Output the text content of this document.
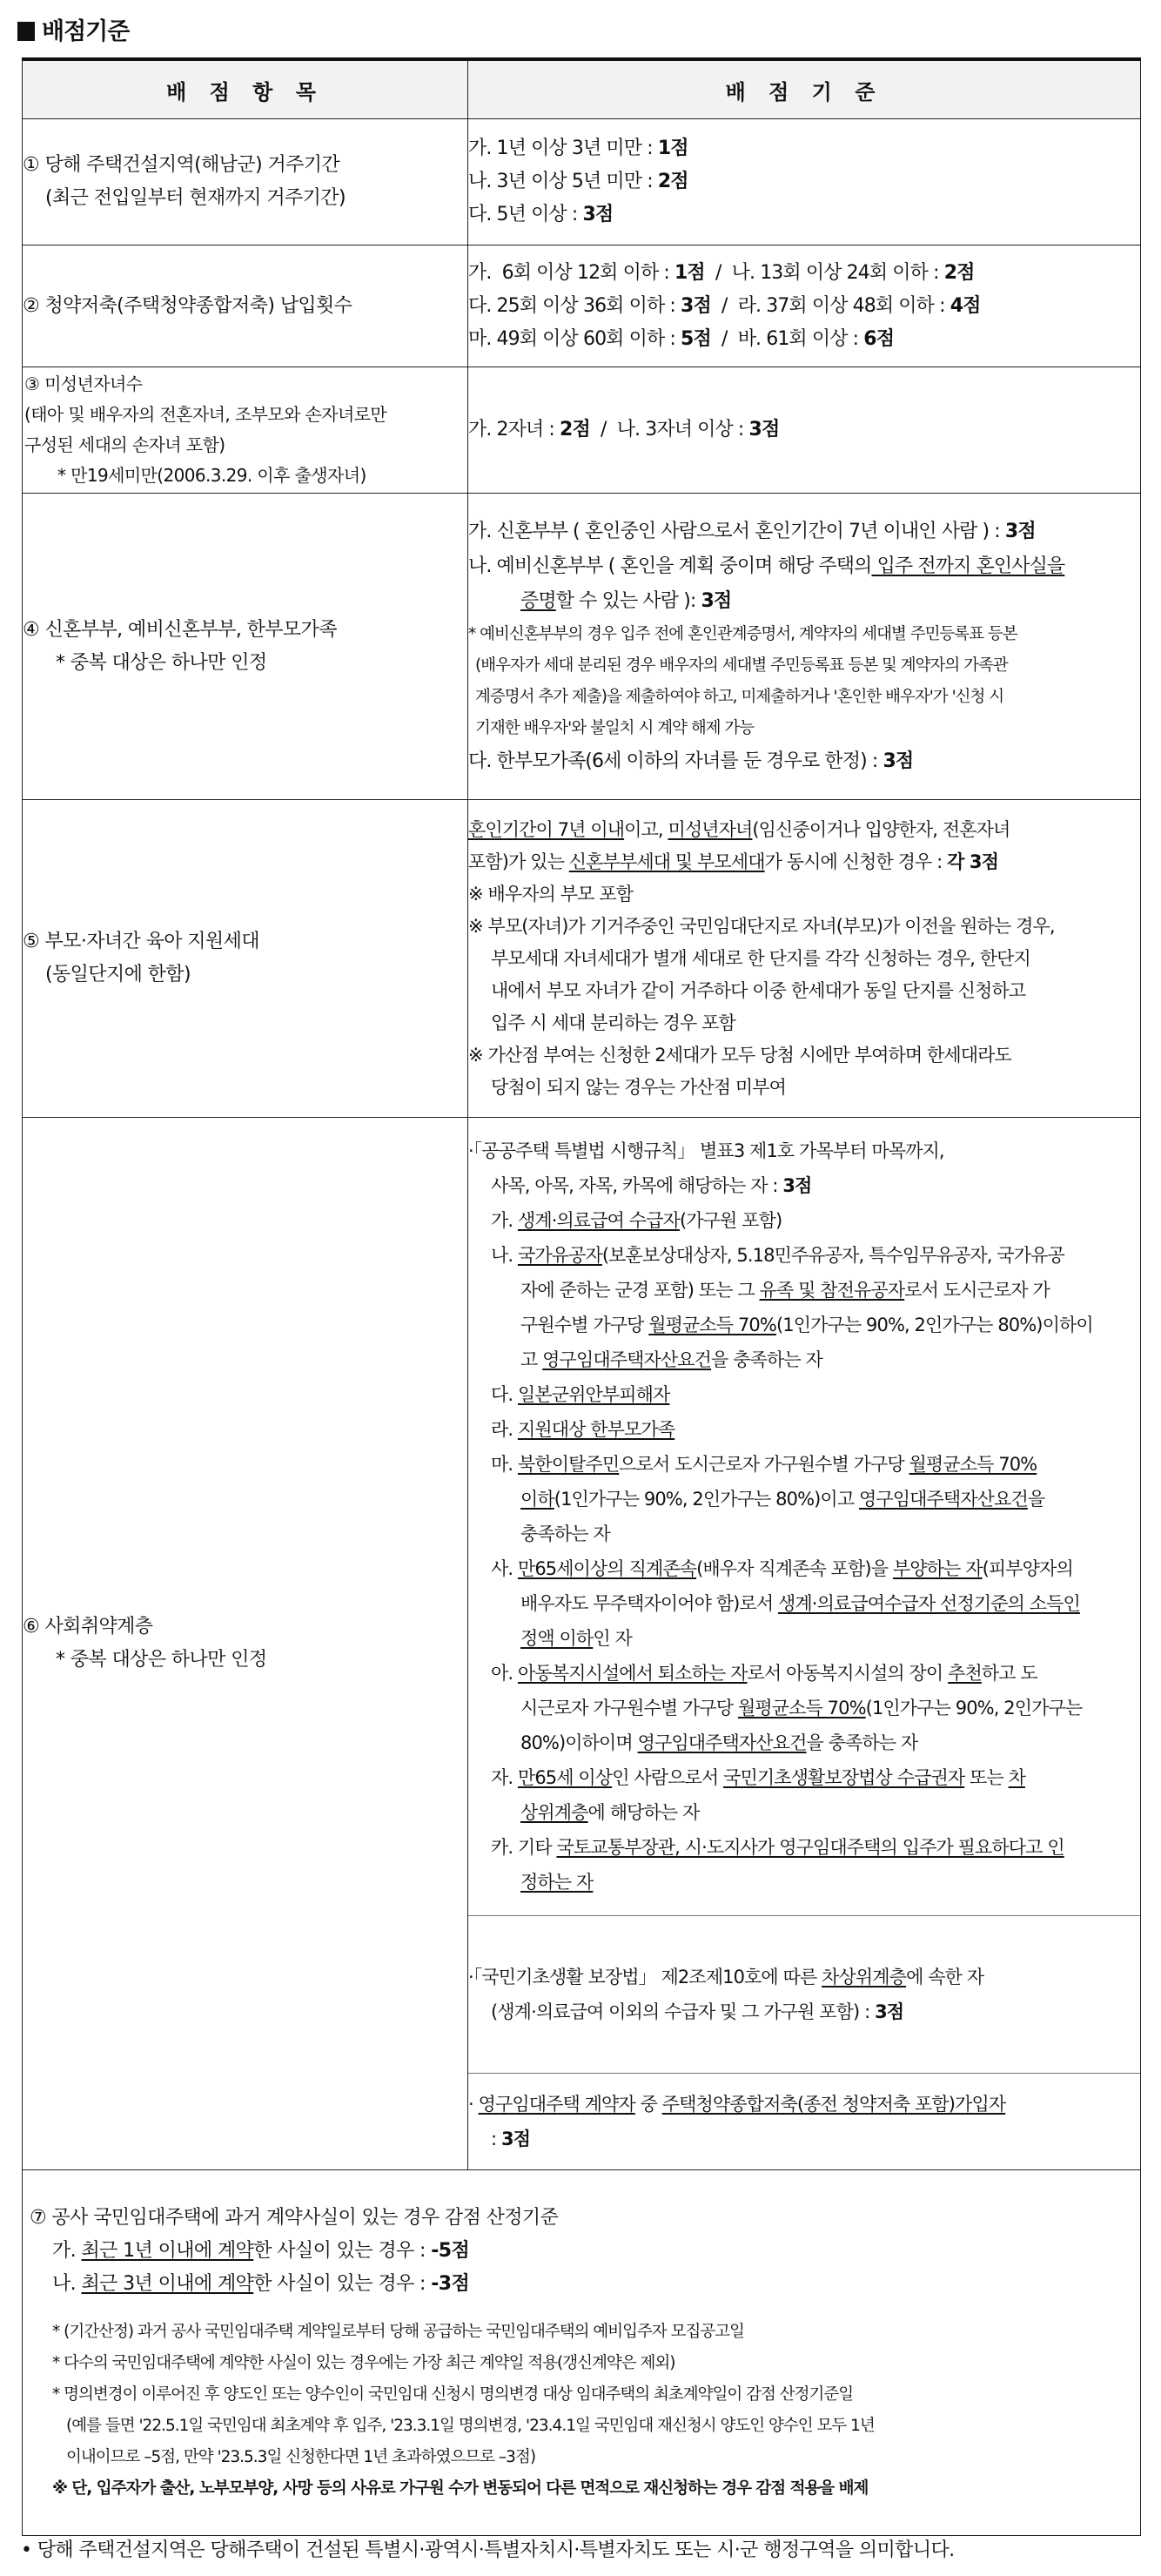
배점기준
배 점 항 목	배 점 기 준

① 당해 주택건설지역(해남군) 거주기간
(최근 전입일부터 현재까지 거주기간)

가. 1년 이상 3년 미만 : 1점
나. 3년 이상 5년 미만 : 2점
다. 5년 이상 : 3점

② 청약저축(주택청약종합저축) 납입횟수	
가.  6회 이상 12회 이하 : 1점  /  나. 13회 이상 24회 이하 : 2점
다. 25회 이상 36회 이하 : 3점  /  라. 37회 이상 48회 이하 : 4점
마. 49회 이상 60회 이하 : 5점  /  바. 61회 이상 : 6점

③ 미성년자녀수
(태아 및 배우자의 전혼자녀, 조부모와 손자녀로만
구성된 세대의 손자녀 포함)
* 만19세미만(2006.3.29. 이후 출생자녀)

가. 2자녀 : 2점  /  나. 3자녀 이상 : 3점

④ 신혼부부, 예비신혼부부, 한부모가족
* 중복 대상은 하나만 인정

가. 신혼부부 ( 혼인중인 사람으로서 혼인기간이 7년 이내인 사람 ) : 3점
나. 예비신혼부부 ( 혼인을 계획 중이며 해당 주택의 입주 전까지 혼인사실을
증명할 수 있는 사람 ): 3점
* 예비신혼부부의 경우 입주 전에 혼인관계증명서, 계약자의 세대별 주민등록표 등본
(배우자가 세대 분리된 경우 배우자의 세대별 주민등록표 등본 및 계약자의 가족관
계증명서 추가 제출)을 제출하여야 하고, 미제출하거나 '혼인한 배우자'가 '신청 시
기재한 배우자'와 불일치 시 계약 해제 가능
다. 한부모가족(6세 이하의 자녀를 둔 경우로 한정) : 3점

⑤ 부모·자녀간 육아 지원세대
(동일단지에 한함)

혼인기간이 7년 이내이고, 미성년자녀(임신중이거나 입양한자, 전혼자녀
포함)가 있는 신혼부부세대 및 부모세대가 동시에 신청한 경우 : 각 3점
※ 배우자의 부모 포함
※ 부모(자녀)가 기거주중인 국민임대단지로 자녀(부모)가 이전을 원하는 경우,
부모세대 자녀세대가 별개 세대로 한 단지를 각각 신청하는 경우, 한단지
내에서 부모 자녀가 같이 거주하다 이중 한세대가 동일 단지를 신청하고
입주 시 세대 분리하는 경우 포함
※ 가산점 부여는 신청한 2세대가 모두 당첨 시에만 부여하며 한세대라도
당첨이 되지 않는 경우는 가산점 미부여

⑥ 사회취약계층
* 중복 대상은 하나만 인정

·「공공주택 특별법 시행규칙」 별표3 제1호 가목부터 마목까지,
사목, 아목, 자목, 카목에 해당하는 자 : 3점
가. 생계·의료급여 수급자(가구원 포함)
나. 국가유공자(보훈보상대상자, 5.18민주유공자, 특수임무유공자, 국가유공
자에 준하는 군경 포함) 또는 그 유족 및 참전유공자로서 도시근로자 가
구원수별 가구당 월평균소득 70%(1인가구는 90%, 2인가구는 80%)이하이
고 영구임대주택자산요건을 충족하는 자
다. 일본군위안부피해자
라. 지원대상 한부모가족
마. 북한이탈주민으로서 도시근로자 가구원수별 가구당 월평균소득 70%
이하(1인가구는 90%, 2인가구는 80%)이고 영구임대주택자산요건을
충족하는 자
사. 만65세이상의 직계존속(배우자 직계존속 포함)을 부양하는 자(피부양자의
배우자도 무주택자이어야 함)로서 생계·의료급여수급자 선정기준의 소득인
정액 이하인 자
아. 아동복지시설에서 퇴소하는 자로서 아동복지시설의 장이 추천하고 도
시근로자 가구원수별 가구당 월평균소득 70%(1인가구는 90%, 2인가구는
80%)이하이며 영구임대주택자산요건을 충족하는 자
자. 만65세 이상인 사람으로서 국민기초생활보장법상 수급권자 또는 차
상위계층에 해당하는 자
카. 기타 국토교통부장관, 시·도지사가 영구임대주택의 입주가 필요하다고 인
정하는 자

·「국민기초생활 보장법」 제2조제10호에 따른 차상위계층에 속한 자
(생계·의료급여 이외의 수급자 및 그 가구원 포함) : 3점

· 영구임대주택 계약자 중 주택청약종합저축(종전 청약저축 포함)가입자
: 3점

⑦ 공사 국민임대주택에 과거 계약사실이 있는 경우 감점 산정기준
가. 최근 1년 이내에 계약한 사실이 있는 경우 : -5점
나. 최근 3년 이내에 계약한 사실이 있는 경우 : -3점
* (기간산정) 과거 공사 국민임대주택 계약일로부터 당해 공급하는 국민임대주택의 예비입주자 모집공고일
* 다수의 국민임대주택에 계약한 사실이 있는 경우에는 가장 최근 계약일 적용(갱신계약은 제외)
* 명의변경이 이루어진 후 양도인 또는 양수인이 국민임대 신청시 명의변경 대상 임대주택의 최초계약일이 감점 산정기준일
(예를 들면 '22.5.1일 국민임대 최초계약 후 입주, '23.3.1일 명의변경, '23.4.1일 국민임대 재신청시 양도인 양수인 모두 1년
이내이므로 –5점, 만약 '23.5.3일 신청한다면 1년 초과하였으므로 –3점)
※ 단, 입주자가 출산, 노부모부양, 사망 등의 사유로 가구원 수가 변동되어 다른 면적으로 재신청하는 경우 감점 적용을 배제
• 당해 주택건설지역은 당해주택이 건설된 특별시·광역시·특별자치시·특별자치도 또는 시·군 행정구역을 의미합니다.
